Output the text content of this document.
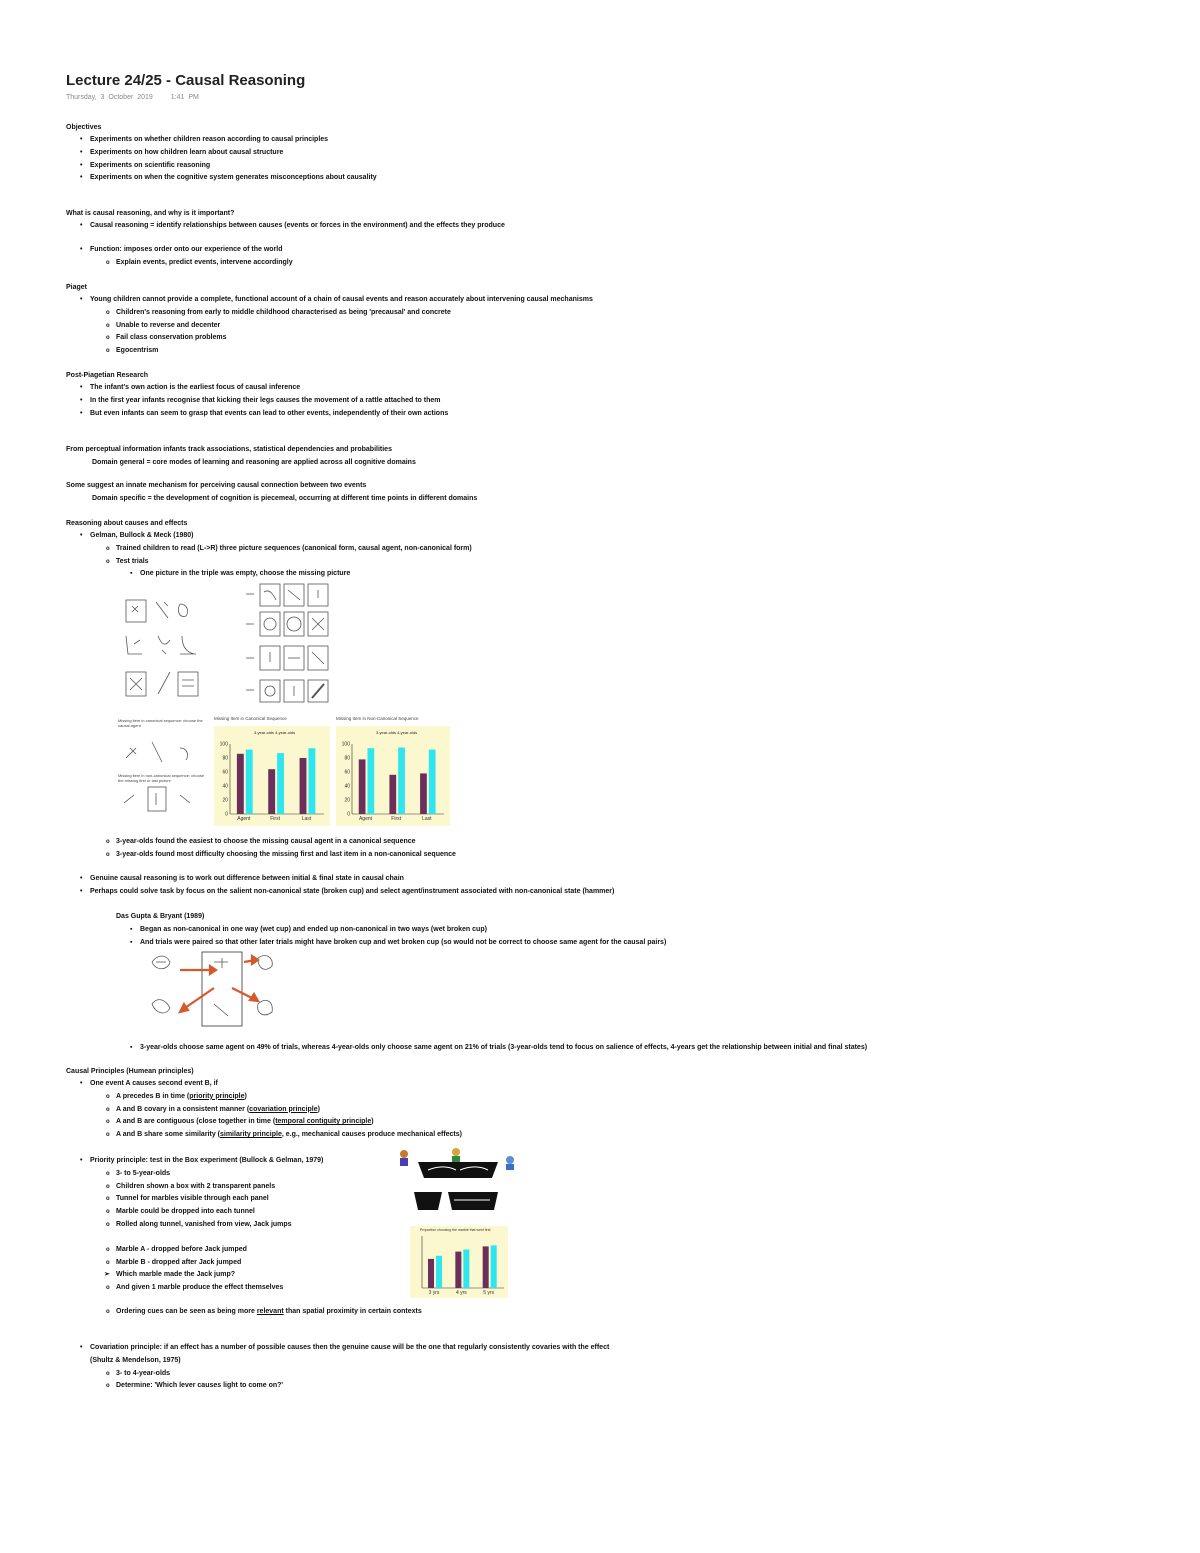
Lecture 24/25 - Causal Reasoning
Thursday, 3 October 2019	1:41 PM

Objectives

• Experiments on whether children reason according to causal principles
• Experiments on how children learn about causal structure
• Experiments on scientific reasoning
• Experiments on when the cognitive system generates misconceptions about causality

What is causal reasoning, and why is it important?

• Causal reasoning = identify relationships between causes (events or forces in the environment) and the effects they produce
• Function: imposes order onto our experience of the world
o Explain events, predict events, intervene accordingly

Piaget

• Young children cannot provide a complete, functional account of a chain of causal events and reason accurately about intervening causal mechanisms
o Children's reasoning from early to middle childhood characterised as being 'precausal' and concrete
o Unable to reverse and decenter
o Fail class conservation problems
o Egocentrism

Post-Piagetian Research

• The infant's own action is the earliest focus of causal inference
• In the first year infants recognise that kicking their legs causes the movement of a rattle attached to them
• But even infants can seem to grasp that events can lead to other events, independently of their own actions

From perceptual information infants track associations, statistical dependencies and probabilities

Domain general = core modes of learning and reasoning are applied across all cognitive domains

Some suggest an innate mechanism for perceiving causal connection between two events

Domain specific = the development of cognition is piecemeal, occurring at different time points in different domains

Reasoning about causes and effects

• Gelman, Bullock & Meck (1980)
o Trained children to read (L->R) three picture sequences (canonical form, causal agent, non-canonical form)
o Test trials
▪ One picture in the triple was empty, choose the missing picture
Missing item in canonical sequence: choose the causal agent
Missing item in non-canonical sequence: choose the missing first or last picture
Missing Item in Canonical Sequence
3-year-olds 4-year-olds
100
80
60
40
20
0
Agent	First	Last
Missing Item in Non-Canonical Sequence
3-year-olds 4-year-olds
100
80
60
40
20
0
Agent	First	Last
o 3-year-olds found the easiest to choose the missing causal agent in a canonical sequence
o 3-year-olds found most difficulty choosing the missing first and last item in a non-canonical sequence
• Genuine causal reasoning is to work out difference between initial & final state in causal chain
• Perhaps could solve task by focus on the salient non-canonical state (broken cup) and select agent/instrument associated with non-canonical state (hammer)

Das Gupta & Bryant (1989)

▪ Began as non-canonical in one way (wet cup) and ended up non-canonical in two ways (wet broken cup)
▪ And trials were paired so that other later trials might have broken cup and wet broken cup (so would not be correct to choose same agent for the causal pairs)
▪ 3-year-olds choose same agent on 49% of trials, whereas 4-year-olds only choose same agent on 21% of trials (3-year-olds tend to focus on salience of effects, 4-years get the relationship between initial and final states)

Causal Principles (Humean principles)

• One event A causes second event B, if
o A precedes B in time (priority principle)
o A and B covary in a consistent manner (covariation principle)
o A and B are contiguous (close together in time (temporal contiguity principle)
o A and B share some similarity (similarity principle, e.g., mechanical causes produce mechanical effects)
• Priority principle: test in the Box experiment (Bullock & Gelman, 1979)
o 3- to 5-year-olds
o Children shown a box with 2 transparent panels
o Tunnel for marbles visible through each panel
o Marble could be dropped into each tunnel
o Rolled along tunnel, vanished from view, Jack jumps
o Marble A - dropped before Jack jumped
o Marble B - dropped after Jack jumped
➢ Which marble made the Jack jump?
o And given 1 marble produce the effect themselves
o Ordering cues can be seen as being more relevant than spatial proximity in certain contexts
Proportion choosing the marble that went first
3 yrs	4 yrs	5 yrs
• Covariation principle: if an effect has a number of possible causes then the genuine cause will be the one that regularly consistently covaries with the effect
(Shultz & Mendelson, 1975)
o 3- to 4-year-olds
o Determine: 'Which lever causes light to come on?'
